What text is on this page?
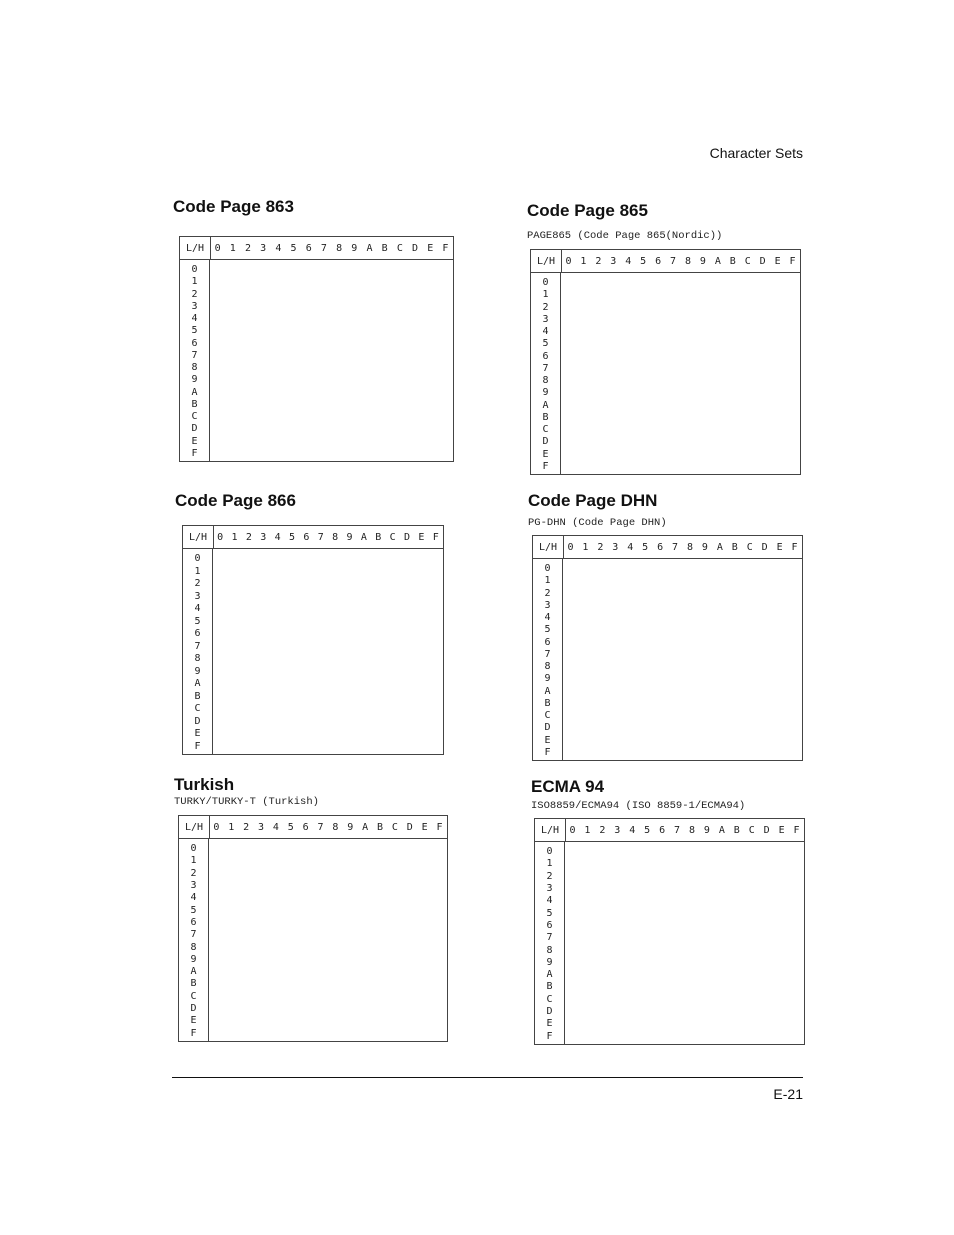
Character Sets
Code Page 863
L/H	0 1 2 3 4 5 6 7 8 9 A B C D E F
0
1
2
3
4
5
6
7
8
9
A
B
C
D
E
F
Code Page 865
PAGE865 (Code Page 865(Nordic))
L/H	0 1 2 3 4 5 6 7 8 9 A B C D E F
0
1
2
3
4
5
6
7
8
9
A
B
C
D
E
F
Code Page 866
L/H	0 1 2 3 4 5 6 7 8 9 A B C D E F
0
1
2
3
4
5
6
7
8
9
A
B
C
D
E
F
Code Page DHN
PG-DHN (Code Page DHN)
L/H	0 1 2 3 4 5 6 7 8 9 A B C D E F
0
1
2
3
4
5
6
7
8
9
A
B
C
D
E
F
Turkish
TURKY/TURKY-T (Turkish)
L/H	0 1 2 3 4 5 6 7 8 9 A B C D E F
0
1
2
3
4
5
6
7
8
9
A
B
C
D
E
F
ECMA 94
ISO8859/ECMA94 (ISO 8859-1/ECMA94)
L/H	0 1 2 3 4 5 6 7 8 9 A B C D E F
0
1
2
3
4
5
6
7
8
9
A
B
C
D
E
F
E-21
